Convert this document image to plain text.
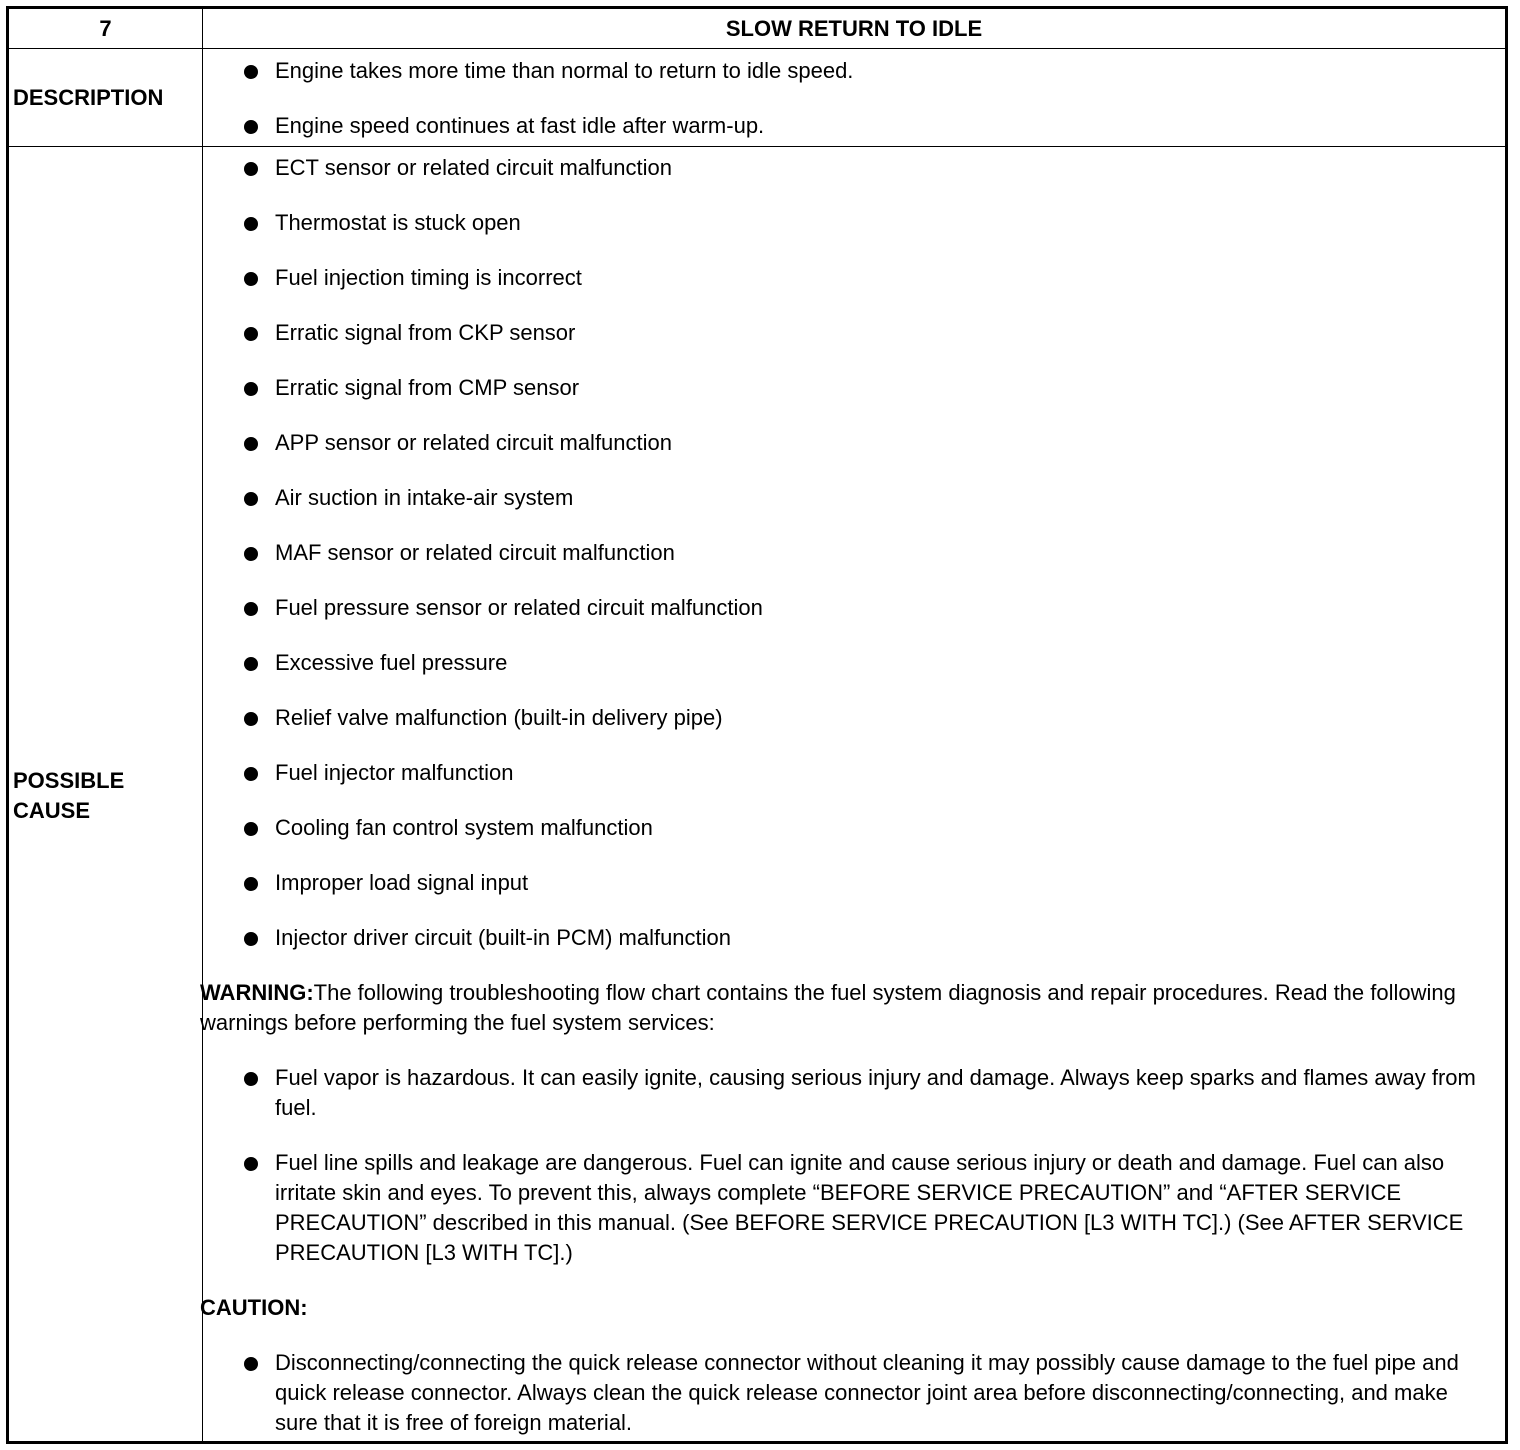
7	SLOW RETURN TO IDLE
DESCRIPTION
POSSIBLE
CAUSE
Engine takes more time than normal to return to idle speed.
Engine speed continues at fast idle after warm-up.
ECT sensor or related circuit malfunction
Thermostat is stuck open
Fuel injection timing is incorrect
Erratic signal from CKP sensor
Erratic signal from CMP sensor
APP sensor or related circuit malfunction
Air suction in intake-air system
MAF sensor or related circuit malfunction
Fuel pressure sensor or related circuit malfunction
Excessive fuel pressure
Relief valve malfunction (built-in delivery pipe)
Fuel injector malfunction
Cooling fan control system malfunction
Improper load signal input
Injector driver circuit (built-in PCM) malfunction
WARNING:The following troubleshooting flow chart contains the fuel system diagnosis and repair procedures. Read the following warnings before performing the fuel system services:
Fuel vapor is hazardous. It can easily ignite, causing serious injury and damage. Always keep sparks and flames away from fuel.
Fuel line spills and leakage are dangerous. Fuel can ignite and cause serious injury or death and damage. Fuel can also irritate skin and eyes. To prevent this, always complete “BEFORE SERVICE PRECAUTION” and “AFTER SERVICE PRECAUTION” described in this manual. (See BEFORE SERVICE PRECAUTION [L3 WITH TC].) (See AFTER SERVICE PRECAUTION [L3 WITH TC].)
CAUTION:
Disconnecting/connecting the quick release connector without cleaning it may possibly cause damage to the fuel pipe and quick release connector. Always clean the quick release connector joint area before disconnecting/connecting, and make sure that it is free of foreign material.
